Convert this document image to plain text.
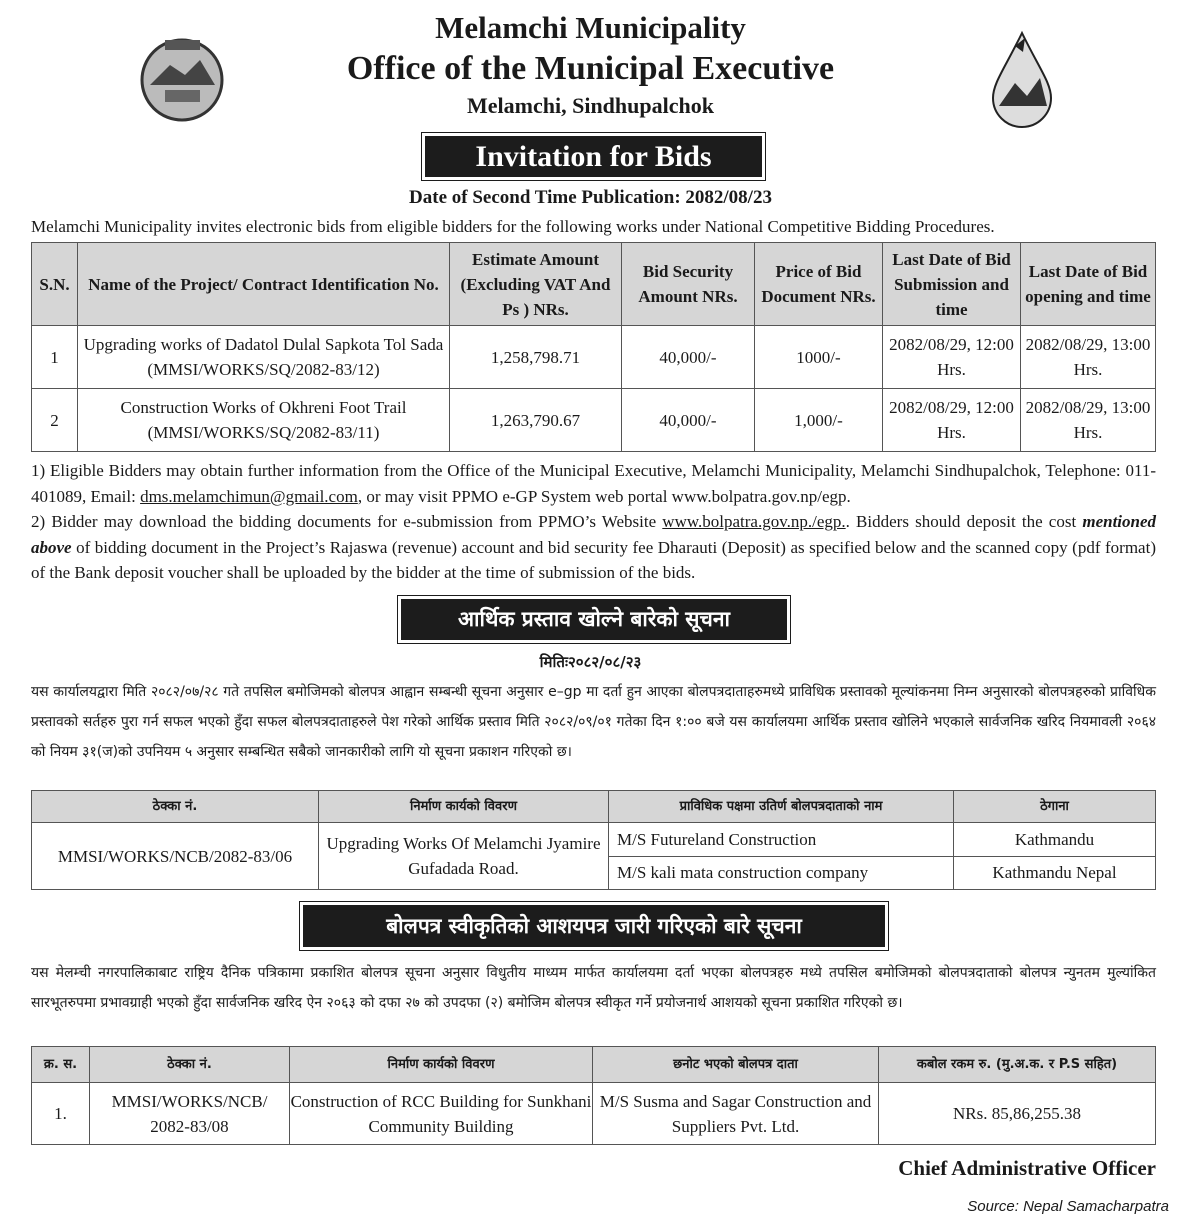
Melamchi Municipality
Office of the Municipal Executive
Melamchi, Sindhupalchok
Invitation for Bids
Date of Second Time Publication: 2082/08/23
Melamchi Municipality invites electronic bids from eligible bidders for the following works under National Competitive Bidding Procedures.
S.N.	Name of the Project/ Contract Identification No.	Estimate Amount (Excluding VAT And Ps ) NRs.	Bid Security Amount NRs.	Price of Bid Document NRs.	Last Date of Bid Submission and time	Last Date of Bid opening and time
1	Upgrading works of Dadatol Dulal Sapkota Tol Sada (MMSI/WORKS/SQ/2082-83/12)	1,258,798.71	40,000/-	1000/-	2082/08/29, 12:00 Hrs.	2082/08/29, 13:00 Hrs.
2	Construction Works of Okhreni Foot Trail (MMSI/WORKS/SQ/2082-83/11)	1,263,790.67	40,000/-	1,000/-	2082/08/29, 12:00 Hrs.	2082/08/29, 13:00 Hrs.
1) Eligible Bidders may obtain further information from the Office of the Municipal Executive, Melamchi Municipality, Melamchi Sindhupalchok, Telephone: 011- 401089, Email: dms.melamchimun@gmail.com, or may visit PPMO e-GP System web portal www.bolpatra.gov.np/egp.
2) Bidder may download the bidding documents for e-submission from PPMO’s Website www.bolpatra.gov.np./egp.. Bidders should deposit the cost mentioned above of bidding document in the Project’s Rajaswa (revenue) account and bid security fee Dharauti (Deposit) as specified below and the scanned copy (pdf format) of the Bank deposit voucher shall be uploaded by the bidder at the time of submission of the bids.
आर्थिक प्रस्ताव खोल्ने बारेको सूचना
मितिः२०८२/०८/२३
यस कार्यालयद्वारा मिति २०८२/०७/२८ गते तपसिल बमोजिमको बोलपत्र आह्वान सम्बन्धी सूचना अनुसार e–gp मा दर्ता हुन आएका बोलपत्रदाताहरुमध्ये प्राविधिक प्रस्तावको मूल्यांकनमा निम्न अनुसारको बोलपत्रहरुको प्राविधिक प्रस्तावको सर्तहरु पुरा गर्न सफल भएको हुँदा सफल बोलपत्रदाताहरुले पेश गरेको आर्थिक प्रस्ताव मिति २०८२/०९/०१ गतेका दिन १:०० बजे यस कार्यालयमा आर्थिक प्रस्ताव खोलिने भएकाले सार्वजनिक खरिद नियमावली २०६४ को नियम ३१(ज)को उपनियम ५ अनुसार सम्बन्धित सबैको जानकारीको लागि यो सूचना प्रकाशन गरिएको छ।
ठेक्का नं.	निर्माण कार्यको विवरण	प्राविधिक पक्षमा उतिर्ण बोलपत्रदाताको नाम	ठेगाना
MMSI/WORKS/NCB/2082-83/06	Upgrading Works Of Melamchi Jyamire Gufadada Road.	M/S Futureland Construction	Kathmandu
		M/S kali mata construction company	Kathmandu Nepal
बोलपत्र स्वीकृतिको आशयपत्र जारी गरिएको बारे सूचना
यस मेलम्ची नगरपालिकाबाट राष्ट्रिय दैनिक पत्रिकामा प्रकाशित बोलपत्र सूचना अनुसार विधुतीय माध्यम मार्फत कार्यालयमा दर्ता भएका बोलपत्रहरु मध्ये तपसिल बमोजिमको बोलपत्रदाताको बोलपत्र न्युनतम मुल्यांकित सारभूतरुपमा प्रभावग्राही भएको हुँदा सार्वजनिक खरिद ऐन २०६३ को दफा २७ को उपदफा (२) बमोजिम बोलपत्र स्वीकृत गर्ने प्रयोजनार्थ आशयको सूचना प्रकाशित गरिएको छ।
क्र. स.	ठेक्का नं.	निर्माण कार्यको विवरण	छनोट भएको बोलपत्र दाता	कबोल रकम रु. (मु.अ.क. र P.S सहित)
1.	MMSI/WORKS/NCB/ 2082-83/08	Construction of RCC Building for Sunkhani Community Building	M/S Susma and Sagar Construction and Suppliers Pvt. Ltd.	NRs. 85,86,255.38
Chief Administrative Officer
Source: Nepal Samacharpatra
